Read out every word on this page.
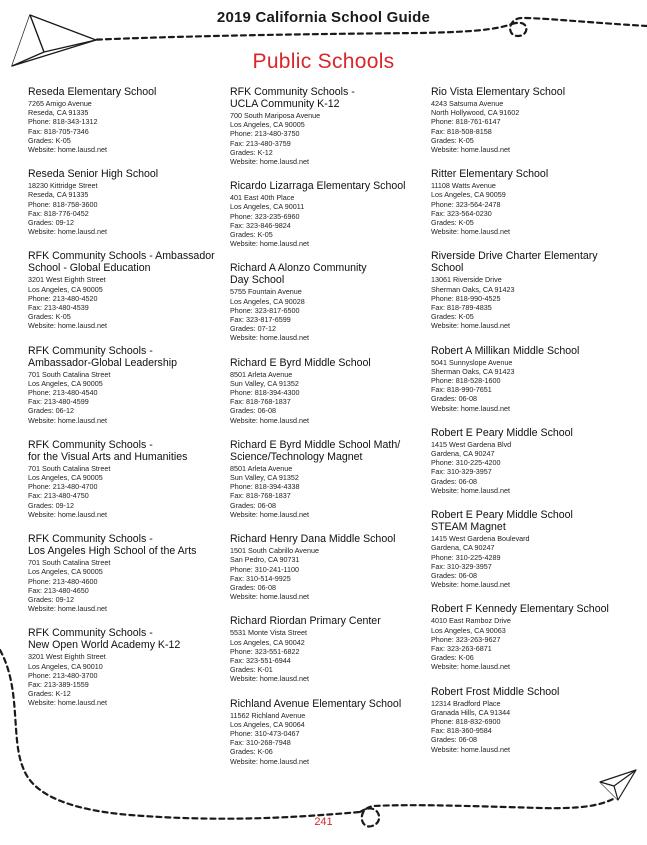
2019 California School Guide
Public Schools
Reseda Elementary School
7265 Amigo Avenue
Reseda, CA 91335
Phone: 818-343-1312
Fax: 818-705-7346
Grades: K-05
Website: home.lausd.net
Reseda Senior High School
18230 Kittridge Street
Reseda, CA 91335
Phone: 818-758-3600
Fax: 818-776-0452
Grades: 09-12
Website: home.lausd.net
RFK Community Schools - Ambassador
School - Global Education
3201 West Eighth Street
Los Angeles, CA 90005
Phone: 213-480-4520
Fax: 213-480-4539
Grades: K-05
Website: home.lausd.net
RFK Community Schools -
Ambassador-Global Leadership
701 South Catalina Street
Los Angeles, CA 90005
Phone: 213-480-4540
Fax: 213-480-4599
Grades: 06-12
Website: home.lausd.net
RFK Community Schools -
for the Visual Arts and Humanities
701 South Catalina Street
Los Angeles, CA 90005
Phone: 213-480-4700
Fax: 213-480-4750
Grades: 09-12
Website: home.lausd.net
RFK Community Schools -
Los Angeles High School of the Arts
701 South Catalina Street
Los Angeles, CA 90005
Phone: 213-480-4600
Fax: 213-480-4650
Grades: 09-12
Website: home.lausd.net
RFK Community Schools -
New Open World Academy K-12
3201 West Eighth Street
Los Angeles, CA 90010
Phone: 213-480-3700
Fax: 213-389-1559
Grades: K-12
Website: home.lausd.net
RFK Community Schools -
UCLA Community K-12
700 South Mariposa Avenue
Los Angeles, CA 90005
Phone: 213-480-3750
Fax: 213-480-3759
Grades: K-12
Website: home.lausd.net
Ricardo Lizarraga Elementary School
401 East 40th Place
Los Angeles, CA 90011
Phone: 323-235-6960
Fax: 323-846-9824
Grades: K-05
Website: home.lausd.net
Richard A Alonzo Community
Day School
5755 Fountain Avenue
Los Angeles, CA 90028
Phone: 323-817-6500
Fax: 323-817-6599
Grades: 07-12
Website: home.lausd.net
Richard E Byrd Middle School
8501 Arleta Avenue
Sun Valley, CA 91352
Phone: 818-394-4300
Fax: 818-768-1837
Grades: 06-08
Website: home.lausd.net
Richard E Byrd Middle School Math/
Science/Technology Magnet
8501 Arleta Avenue
Sun Valley, CA 91352
Phone: 818-394-4338
Fax: 818-768-1837
Grades: 06-08
Website: home.lausd.net
Richard Henry Dana Middle School
1501 South Cabrillo Avenue
San Pedro, CA 90731
Phone: 310-241-1100
Fax: 310-514-9925
Grades: 06-08
Website: home.lausd.net
Richard Riordan Primary Center
5531 Monte Vista Street
Los Angeles, CA 90042
Phone: 323-551-6822
Fax: 323-551-6944
Grades: K-01
Website: home.lausd.net
Richland Avenue Elementary School
11562 Richland Avenue
Los Angeles, CA 90064
Phone: 310-473-0467
Fax: 310-268-7948
Grades: K-06
Website: home.lausd.net
Rio Vista Elementary School
4243 Satsuma Avenue
North Hollywood, CA 91602
Phone: 818-761-6147
Fax: 818-508-8158
Grades: K-05
Website: home.lausd.net
Ritter Elementary School
11108 Watts Avenue
Los Angeles, CA 90059
Phone: 323-564-2478
Fax: 323-564-0230
Grades: K-05
Website: home.lausd.net
Riverside Drive Charter Elementary School
13061 Riverside Drive
Sherman Oaks, CA 91423
Phone: 818-990-4525
Fax: 818-789-4835
Grades: K-05
Website: home.lausd.net
Robert A Millikan Middle School
5041 Sunnyslope Avenue
Sherman Oaks, CA 91423
Phone: 818-528-1600
Fax: 818-990-7651
Grades: 06-08
Website: home.lausd.net
Robert E Peary Middle School
1415 West Gardena Blvd
Gardena, CA 90247
Phone: 310-225-4200
Fax: 310-329-3957
Grades: 06-08
Website: home.lausd.net
Robert E Peary Middle School
STEAM Magnet
1415 West Gardena Boulevard
Gardena, CA 90247
Phone: 310-225-4289
Fax: 310-329-3957
Grades: 06-08
Website: home.lausd.net
Robert F Kennedy Elementary School
4010 East Ramboz Drive
Los Angeles, CA 90063
Phone: 323-263-9627
Fax: 323-263-6871
Grades: K-06
Website: home.lausd.net
Robert Frost Middle School
12314 Bradford Place
Granada Hills, CA 91344
Phone: 818-832-6900
Fax: 818-360-9584
Grades: 06-08
Website: home.lausd.net
241
